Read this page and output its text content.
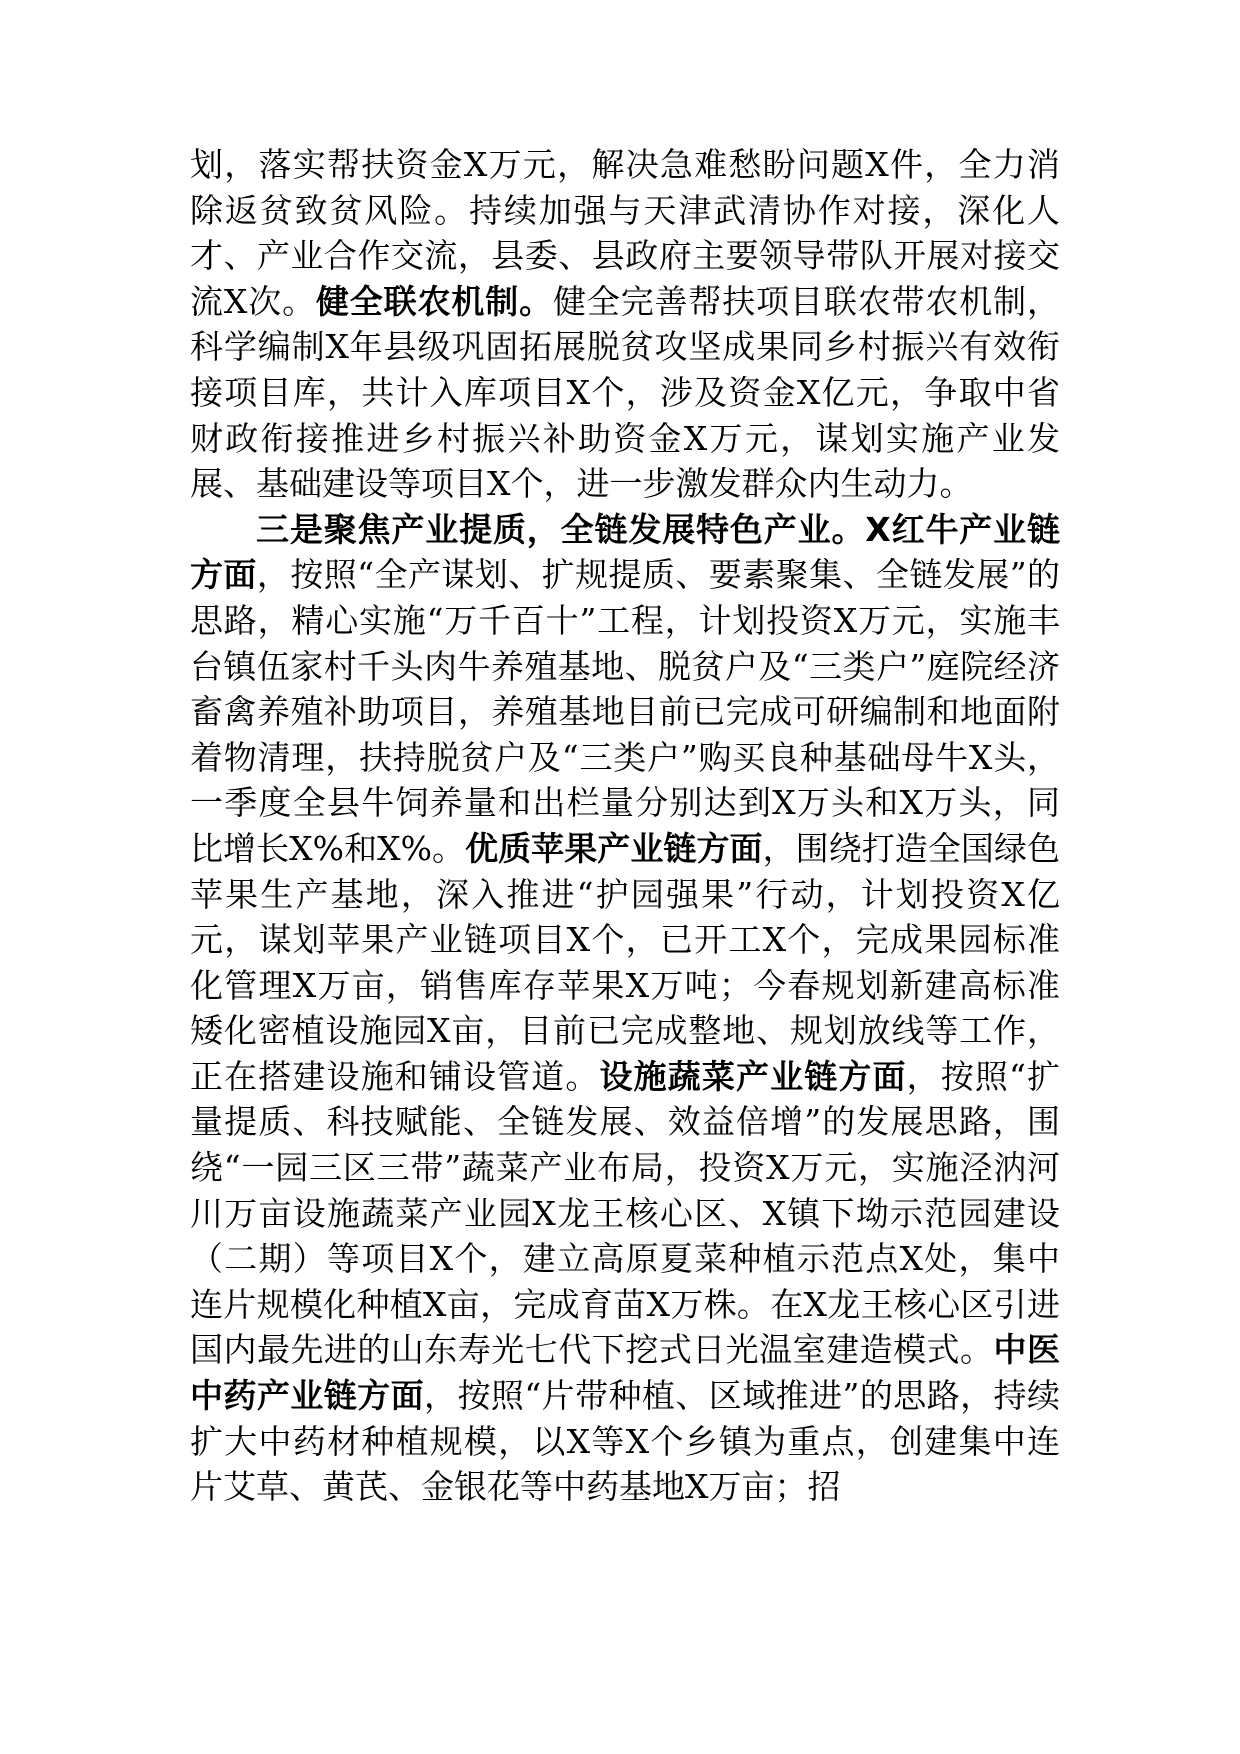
划，落实帮扶资金X万元，解决急难愁盼问题X件，全力消除返贫致贫风险。持续加强与天津武清协作对接，深化人才、产业合作交流，县委、县政府主要领导带队开展对接交流X次。健全联农机制。健全完善帮扶项目联农带农机制，科学编制X年县级巩固拓展脱贫攻坚成果同乡村振兴有效衔接项目库，共计入库项目X个，涉及资金X亿元，争取中省财政衔接推进乡村振兴补助资金X万元，谋划实施产业发展、基础建设等项目X个，进一步激发群众内生动力。

三是聚焦产业提质，全链发展特色产业。X红牛产业链方面，按照“全产谋划、扩规提质、要素聚集、全链发展”的思路，精心实施“万千百十”工程，计划投资X万元，实施丰台镇伍家村千头肉牛养殖基地、脱贫户及“三类户”庭院经济畜禽养殖补助项目，养殖基地目前已完成可研编制和地面附着物清理，扶持脱贫户及“三类户”购买良种基础母牛X头，一季度全县牛饲养量和出栏量分别达到X万头和X万头，同比增长X%和X%。优质苹果产业链方面，围绕打造全国绿色苹果生产基地，深入推进“护园强果”行动，计划投资X亿元，谋划苹果产业链项目X个，已开工X个，完成果园标准化管理X万亩，销售库存苹果X万吨；今春规划新建高标准矮化密植设施园X亩，目前已完成整地、规划放线等工作，正在搭建设施和铺设管道。设施蔬菜产业链方面，按照“扩量提质、科技赋能、全链发展、效益倍增”的发展思路，围绕“一园三区三带”蔬菜产业布局，投资X万元，实施泾汭河川万亩设施蔬菜产业园X龙王核心区、X镇下坳示范园建设（二期）等项目X个，建立高原夏菜种植示范点X处，集中连片规模化种植X亩，完成育苗X万株。在X龙王核心区引进国内最先进的山东寿光七代下挖式日光温室建造模式。中医中药产业链方面，按照“片带种植、区域推进”的思路，持续扩大中药材种植规模，以X等X个乡镇为重点，创建集中连片艾草、黄芪、金银花等中药基地X万亩；招
